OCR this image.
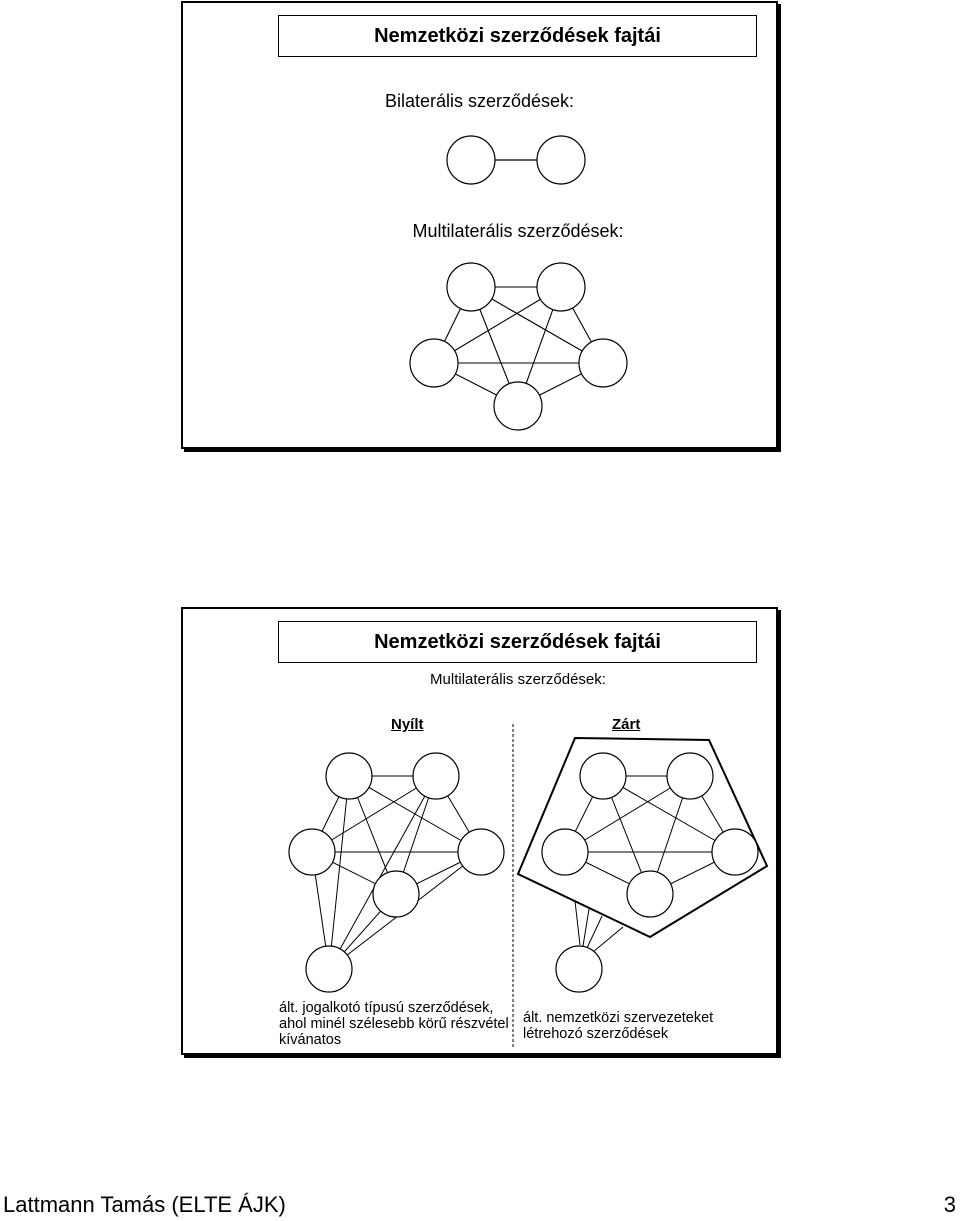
Nemzetközi szerződések fajtái
Bilaterális szerződések:
Multilaterális szerződések:
Nemzetközi szerződések fajtái
Multilaterális szerződések:
Nyílt	Zárt
ált. jogalkotó típusú szerződések, ahol minél szélesebb körű részvétel kívánatos
ált. nemzetközi szervezeteket létrehozó szerződések
Lattmann Tamás (ELTE ÁJK)	3
